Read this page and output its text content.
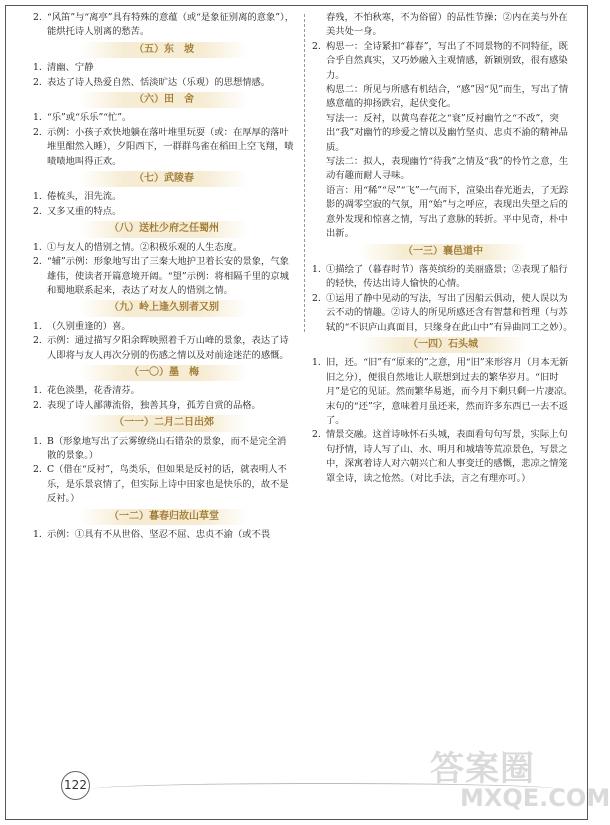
2. “风笛”与“离亭”具有特殊的意蕴（或“是象征别离的意象”），能烘托诗人别离的愁苦。
（五）东　坡
1. 清幽、宁静
2. 表达了诗人热爱自然、恬淡旷达（乐观）的思想情感。
（六）田　舍
1. “乐”或“乐乐”“忙”。
2. 示例：小孩子欢快地躺在落叶堆里玩耍（或：在厚厚的落叶堆里酣然入睡），夕阳西下，一群群鸟雀在稻田上空飞翔，啧啧啧地叫得正欢。
（七）武陵春
1. 倦梳头，泪先流。
2. 又多又重的特点。
（八）送杜少府之任蜀州
1. ①与友人的惜别之情。②积极乐观的人生态度。
2. “辅”示例：形象地写出了三秦大地护卫着长安的景象，气象雄伟，使读者开篇意境开阔。“望”示例：将相隔千里的京城和蜀地联系起来，表达了对友人的惜别之情。
（九）岭上逢久别者又别
1. （久别重逢的）喜。
2. 示例：通过描写夕阳余晖映照着千万山峰的景象，表达了诗人即将与友人再次分别的伤感之情以及对前途迷茫的感慨。
（一〇）墨　梅
1. 花色淡墨，花香清芬。
2. 表现了诗人鄙薄流俗，独善其身，孤芳自赏的品格。
（一一）二月二日出郊
1. B（形象地写出了云雾缭绕山石错杂的景象，而不是完全消散的景象。）
2. C（借在“反衬”，鸟类乐，但如果是反衬的话，就表明人不乐，是乐景哀情了，但实际上诗中田家也是快乐的，故不是反衬。）
（一二）暮春归故山草堂
1. 示例：①具有不从世俗、坚忍不屈、忠贞不渝（或不畏
春残，不怕秋寒，不为俗留）的品性节操；②内在美与外在美共处一身。
2. 构思一：全诗紧扣“暮春”，写出了不同景物的不同特征，既合乎自然真实，又巧妙融入主观情感，新颖别致，很有感染力。
构思二：所见与所感有机结合，“感”因“见”而生，写出了情感意蕴的抑扬跌宕，起伏变化。
写法一：反衬，以黄鸟春花之“衰”反衬幽竹之“不改”，突出“我”对幽竹的珍爱之情以及幽竹坚贞、忠贞不渝的精神品质。
写法二：拟人，表现幽竹“待我”之情及“我”的怜竹之意，生动有趣而耐人寻味。
语言：用“稀”“尽”“飞”一气而下，渲染出春光逝去，了无踪影的凋零空寂的气氛，用“始”与之呼应，表现出失望之后的意外发现和惊喜之情，写出了意脉的转折。平中见奇，朴中出新。
（一三）襄邑道中
1. ①描绘了（暮春时节）落英缤纷的美丽盛景；②表现了船行的轻快，传达出诗人愉快的心情。
2. ①运用了静中见动的写法，写出了因船云俱动，使人误以为云不动的情趣。②诗人的所见所感还含有智慧和哲理（与苏轼的“不识庐山真面目，只缘身在此山中”有异曲同工之妙）。
（一四）石头城
1. 旧，还。“旧”有“原来的”之意，用“旧”来形容月（月本无新旧之分），便很自然地让人联想到过去的繁华岁月。“旧时月”是它的见证。然而繁华易逝，而今月下剩只剩一片凄凉。末句的“还”字，意味着月虽还来，然而许多东西已一去不返了。
2. 情景交融。这首诗咏怀石头城，表面看句句写景，实际上句句抒情，诗人写了山、水、明月和城墙等荒凉景色，写景之中，深寓着诗人对六朝兴亡和人事变迁的感慨，悲凉之情笼罩全诗，读之怆然。（对比手法，言之有理亦可。）
122	答案圈
MXQE.COM
